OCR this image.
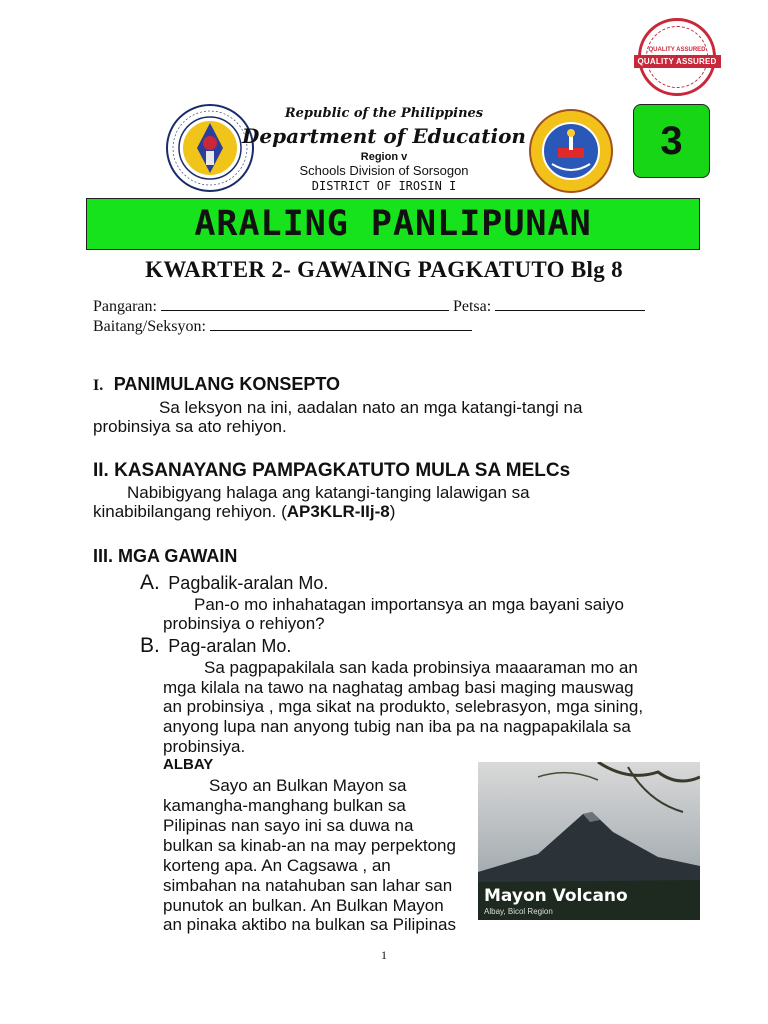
QUALITY ASSURED
QUALITY ASSURED
Republic of the Philippines
Department of Education
Region v
Schools Division of Sorsogon
DISTRICT OF IROSIN I
3
ARALING PANLIPUNAN
KWARTER 2- GAWAING PAGKATUTO Blg 8
Pangaran:	Petsa:
Baitang/Seksyon:
I. PANIMULANG KONSEPTO
Sa leksyon na ini, aadalan nato an mga katangi-tangi na
probinsiya sa ato rehiyon.
II. KASANAYANG PAMPAGKATUTO MULA SA MELCs
Nabibigyang halaga ang katangi-tanging lalawigan sa
kinabibilangang rehiyon. (AP3KLR-IIj-8)
III. MGA GAWAIN
A. Pagbalik-aralan Mo.
Pan-o mo inhahatagan importansya an mga bayani saiyo
probinsiya o rehiyon?
B. Pag-aralan Mo.
Sa pagpapakilala san kada probinsiya maaaraman mo an
mga kilala na tawo na naghatag ambag basi maging mauswag
an probinsiya , mga sikat na produkto, selebrasyon, mga sining,
anyong lupa nan anyong tubig nan iba pa na nagpapakilala sa
probinsiya.
ALBAY
Sayo an Bulkan Mayon sa
kamangha-manghang bulkan sa
Pilipinas nan sayo ini sa duwa na
bulkan sa kinab-an na may perpektong
korteng apa. An Cagsawa , an
simbahan na natahuban san lahar san
punutok an bulkan. An Bulkan Mayon
an pinaka aktibo na bulkan sa Pilipinas
Mayon Volcano
Albay, Bicol Region
1
